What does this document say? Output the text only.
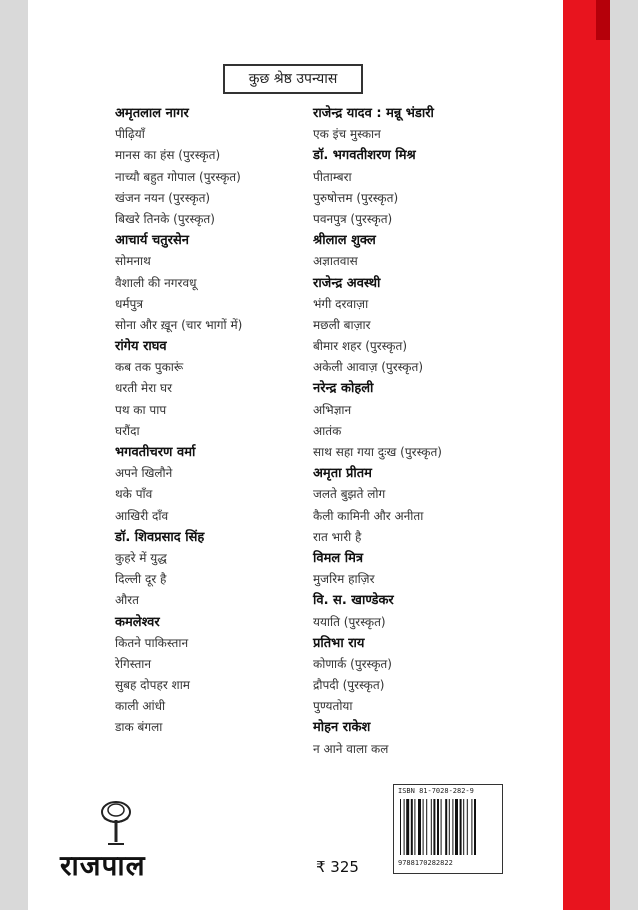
कुछ श्रेष्ठ उपन्यास
अमृतलाल नागर
पीढ़ियाँ
मानस का हंस (पुरस्कृत)
नाच्यौ बहुत गोपाल (पुरस्कृत)
खंजन नयन (पुरस्कृत)
बिखरे तिनके (पुरस्कृत)
आचार्य चतुरसेन
सोमनाथ
वैशाली की नगरवधू
धर्मपुत्र
सोना और ख़ून (चार भागों में)
रांगेय राघव
कब तक पुकारूं
धरती मेरा घर
पथ का पाप
घरौंदा
भगवतीचरण वर्मा
अपने खिलौने
थके पाँव
आखिरी दाँव
डॉ. शिवप्रसाद सिंह
कुहरे में युद्ध
दिल्ली दूर है
औरत
कमलेश्वर
कितने पाकिस्तान
रेगिस्तान
सुबह दोपहर शाम
काली आंधी
डाक बंगला
राजेन्द्र यादव : मन्नू भंडारी
एक इंच मुस्कान
डॉ. भगवतीशरण मिश्र
पीताम्बरा
पुरुषोत्तम (पुरस्कृत)
पवनपुत्र (पुरस्कृत)
श्रीलाल शुक्ल
अज्ञातवास
राजेन्द्र अवस्थी
भंगी दरवाज़ा
मछली बाज़ार
बीमार शहर (पुरस्कृत)
अकेली आवाज़ (पुरस्कृत)
नरेन्द्र कोहली
अभिज्ञान
आतंक
साथ सहा गया दुःख (पुरस्कृत)
अमृता प्रीतम
जलते बुझते लोग
कैली कामिनी और अनीता
रात भारी है
विमल मित्र
मुजरिम हाज़िर
वि. स. खाण्डेकर
ययाति (पुरस्कृत)
प्रतिभा राय
कोणार्क (पुरस्कृत)
द्रौपदी (पुरस्कृत)
पुण्यतोया
मोहन राकेश
न आने वाला कल
राजपाल	₹ 325
ISBN 81-7028-282-9
9788170282822
